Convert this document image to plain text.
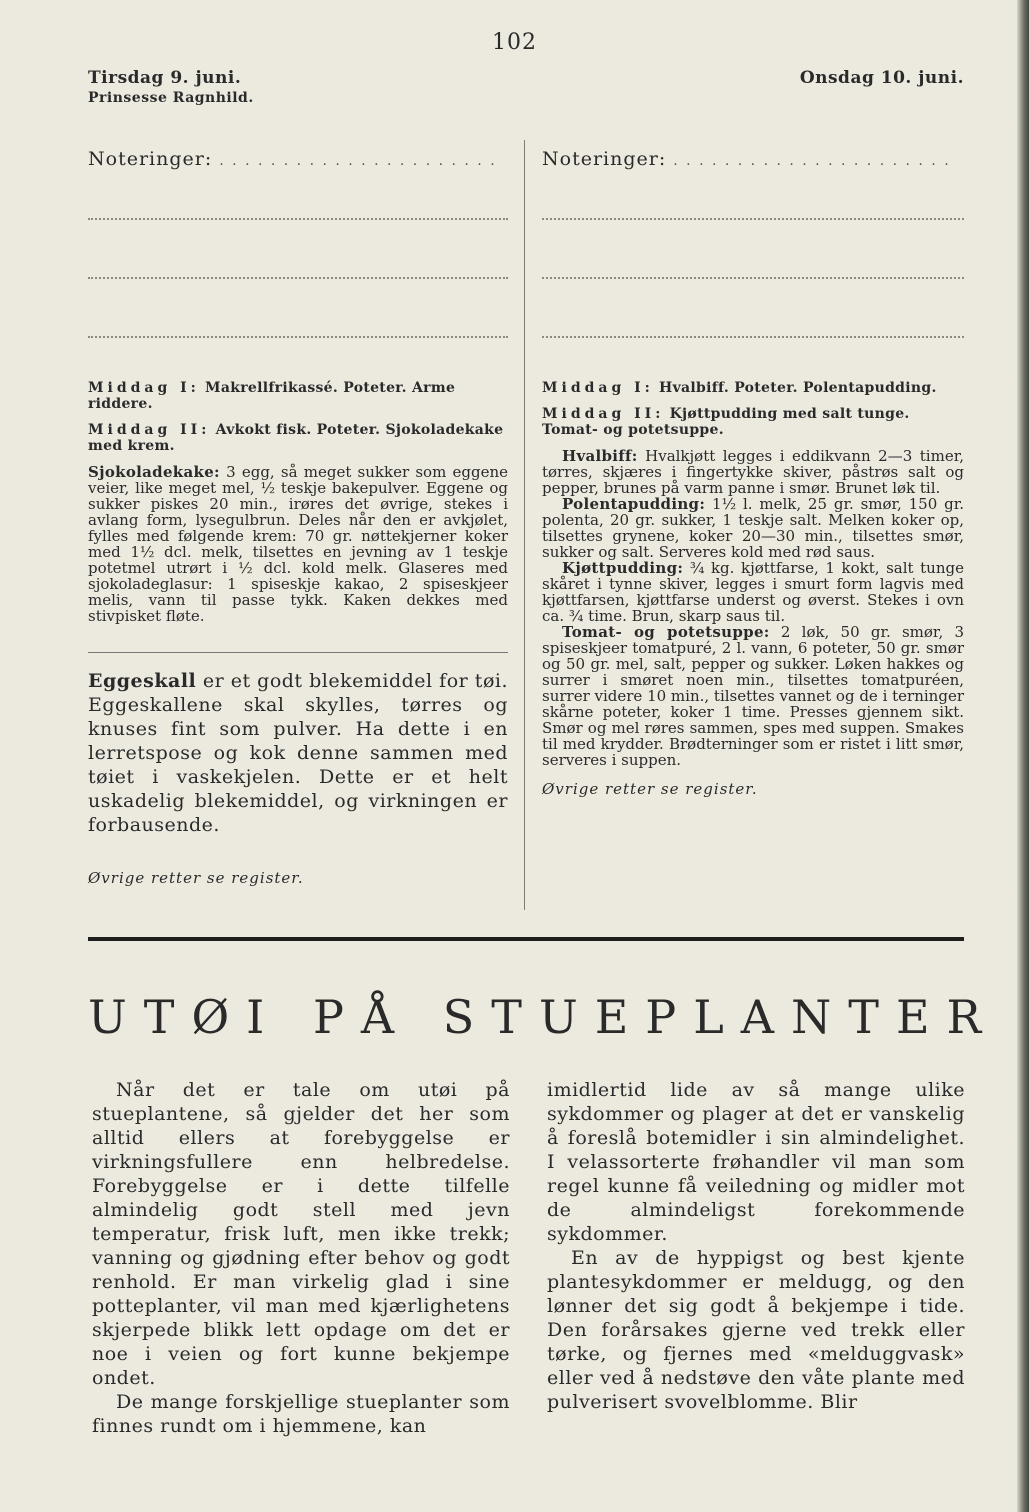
102

Tirsdag 9. juni.

Prinsesse Ragnhild.

Noteringer: . . . . . . . . . . . . . . . . . . . . . .

Middag I: Makrellfrikassé. Poteter. Arme riddere.

Middag II: Avkokt fisk. Poteter. Sjokoladekake med krem.

Sjokoladekake: 3 egg, så meget sukker som eggene veier, like meget mel, ½ teskje bakepulver. Eggene og sukker piskes 20 min., irøres det øvrige, stekes i avlang form, lysegulbrun. Deles når den er avkjølet, fylles med følgende krem: 70 gr. nøttekjerner koker med 1½ dcl. melk, tilsettes en jevning av 1 teskje potetmel utrørt i ½ dcl. kold melk. Glaseres med sjokoladeglasur: 1 spiseskje kakao, 2 spiseskjeer melis, vann til passe tykk. Kaken dekkes med stivpisket fløte.

Eggeskall er et godt blekemiddel for tøi. Eggeskallene skal skylles, tørres og knuses fint som pulver. Ha dette i en lerretspose og kok denne sammen med tøiet i vaskekjelen. Dette er et helt uskadelig blekemiddel, og virkningen er forbausende.

Øvrige retter se register.

Onsdag 10. juni.

Noteringer: . . . . . . . . . . . . . . . . . . . . . .

Middag I: Hvalbiff. Poteter. Polentapudding.

Middag II: Kjøttpudding med salt tunge. Tomat- og potetsuppe.

Hvalbiff: Hvalkjøtt legges i eddikvann 2—3 timer, tørres, skjæres i fingertykke skiver, påstrøs salt og pepper, brunes på varm panne i smør. Brunet løk til.

Polentapudding: 1½ l. melk, 25 gr. smør, 150 gr. polenta, 20 gr. sukker, 1 teskje salt. Melken koker op, tilsettes grynene, koker 20—30 min., tilsettes smør, sukker og salt. Serveres kold med rød saus.

Kjøttpudding: ¾ kg. kjøttfarse, 1 kokt, salt tunge skåret i tynne skiver, legges i smurt form lagvis med kjøttfarsen, kjøttfarse underst og øverst. Stekes i ovn ca. ¾ time. Brun, skarp saus til.

Tomat- og potetsuppe: 2 løk, 50 gr. smør, 3 spiseskjeer tomatpuré, 2 l. vann, 6 poteter, 50 gr. smør og 50 gr. mel, salt, pepper og sukker. Løken hakkes og surrer i smøret noen min., tilsettes tomatpuréen, surrer videre 10 min., tilsettes vannet og de i terninger skårne poteter, koker 1 time. Presses gjennem sikt. Smør og mel røres sammen, spes med suppen. Smakes til med krydder. Brødterninger som er ristet i litt smør, serveres i suppen.

Øvrige retter se register.
UTØI PÅ STUEPLANTER

Når det er tale om utøi på stueplantene, så gjelder det her som alltid ellers at forebyggelse er virkningsfullere enn helbredelse. Forebyggelse er i dette tilfelle almindelig godt stell med jevn temperatur, frisk luft, men ikke trekk; vanning og gjødning efter behov og godt renhold. Er man virkelig glad i sine potteplanter, vil man med kjærlighetens skjerpede blikk lett opdage om det er noe i veien og fort kunne bekjempe ondet.

De mange forskjellige stueplanter som finnes rundt om i hjemmene, kan

imidlertid lide av så mange ulike sykdommer og plager at det er vanskelig å foreslå botemidler i sin almindelighet. I velassorterte frøhandler vil man som regel kunne få veiledning og midler mot de almindeligst forekommende sykdommer.

En av de hyppigst og best kjente plantesykdommer er meldugg, og den lønner det sig godt å bekjempe i tide. Den forårsakes gjerne ved trekk eller tørke, og fjernes med «melduggvask» eller ved å nedstøve den våte plante med pulverisert svovelblomme. Blir
